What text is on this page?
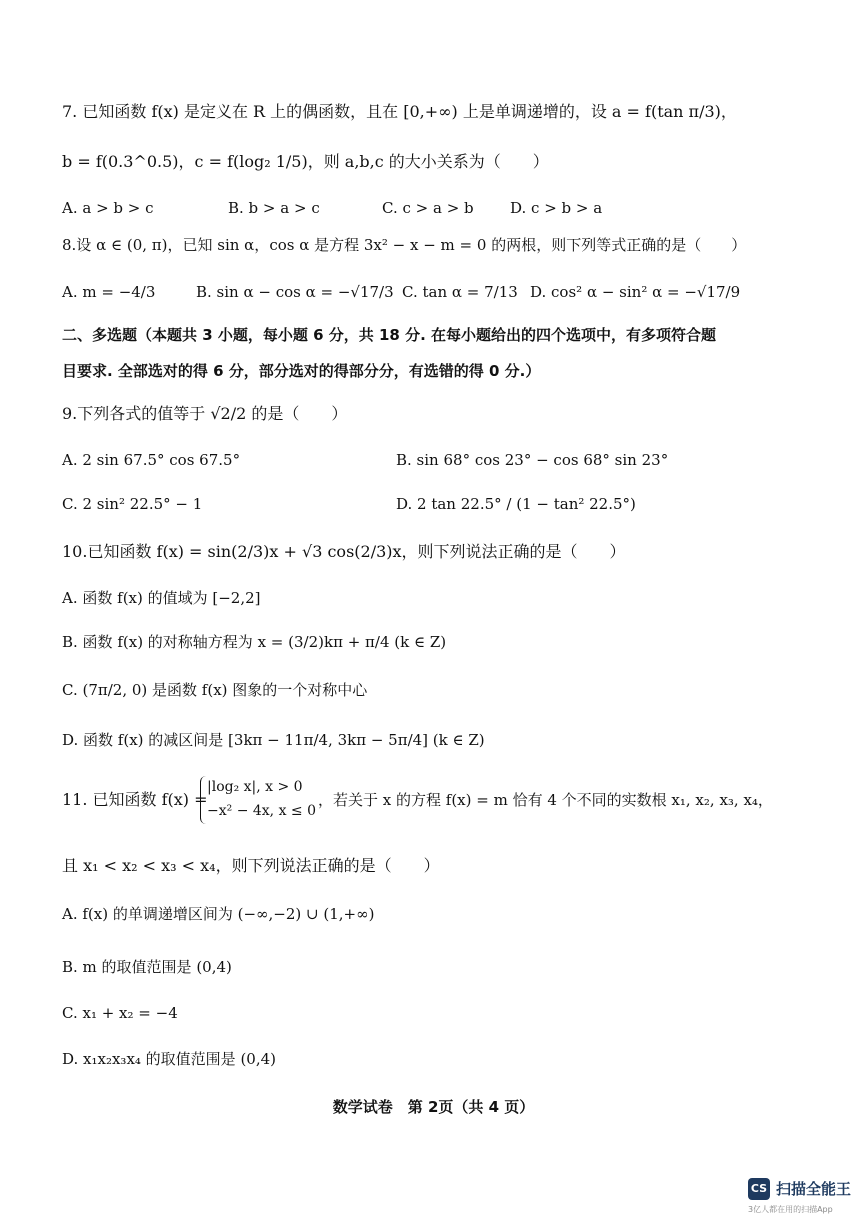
7. 已知函数 f(x) 是定义在 R 上的偶函数，且在 [0,+∞) 上是单调递增的，设 a = f(tan π/3)，
b = f(0.3^0.5)，c = f(log₂ 1/5)，则 a,b,c 的大小关系为（　　）
A. a > b > c	B. b > a > c	C. c > a > b D. c > b > a
8.设 α ∈ (0, π)，已知 sin α，cos α 是方程 3x² − x − m = 0 的两根，则下列等式正确的是（　　）
A. m = −4/3	B. sin α − cos α = −√17/3 C. tan α = 7/13 D. cos² α − sin² α = −√17/9
二、多选题（本题共 3 小题，每小题 6 分，共 18 分. 在每小题给出的四个选项中，有多项符合题
目要求. 全部选对的得 6 分，部分选对的得部分分，有选错的得 0 分.）
9.下列各式的值等于 √2/2 的是（　　）
A. 2 sin 67.5° cos 67.5°	B. sin 68° cos 23° − cos 68° sin 23°
C. 2 sin² 22.5° − 1	D. 2 tan 22.5° / (1 − tan² 22.5°)
10.已知函数 f(x) = sin(2/3)x + √3 cos(2/3)x，则下列说法正确的是（　　）
A. 函数 f(x) 的值域为 [−2,2]
B. 函数 f(x) 的对称轴方程为 x = (3/2)kπ + π/4 (k ∈ Z)
C. (7π/2, 0) 是函数 f(x) 图象的一个对称中心
D. 函数 f(x) 的减区间是 [3kπ − 11π/4, 3kπ − 5π/4] (k ∈ Z)
11. 已知函数 f(x) =
|log₂ x|, x > 0
−x² − 4x, x ≤ 0
，若关于 x 的方程 f(x) = m 恰有 4 个不同的实数根 x₁, x₂, x₃, x₄，
且 x₁ < x₂ < x₃ < x₄，则下列说法正确的是（　　）
A. f(x) 的单调递增区间为 (−∞,−2) ∪ (1,+∞)
B. m 的取值范围是 (0,4)
C. x₁ + x₂ = −4
D. x₁x₂x₃x₄ 的取值范围是 (0,4)
数学试卷　第 2页（共 4 页）
CS 扫描全能王
3亿人都在用的扫描App
